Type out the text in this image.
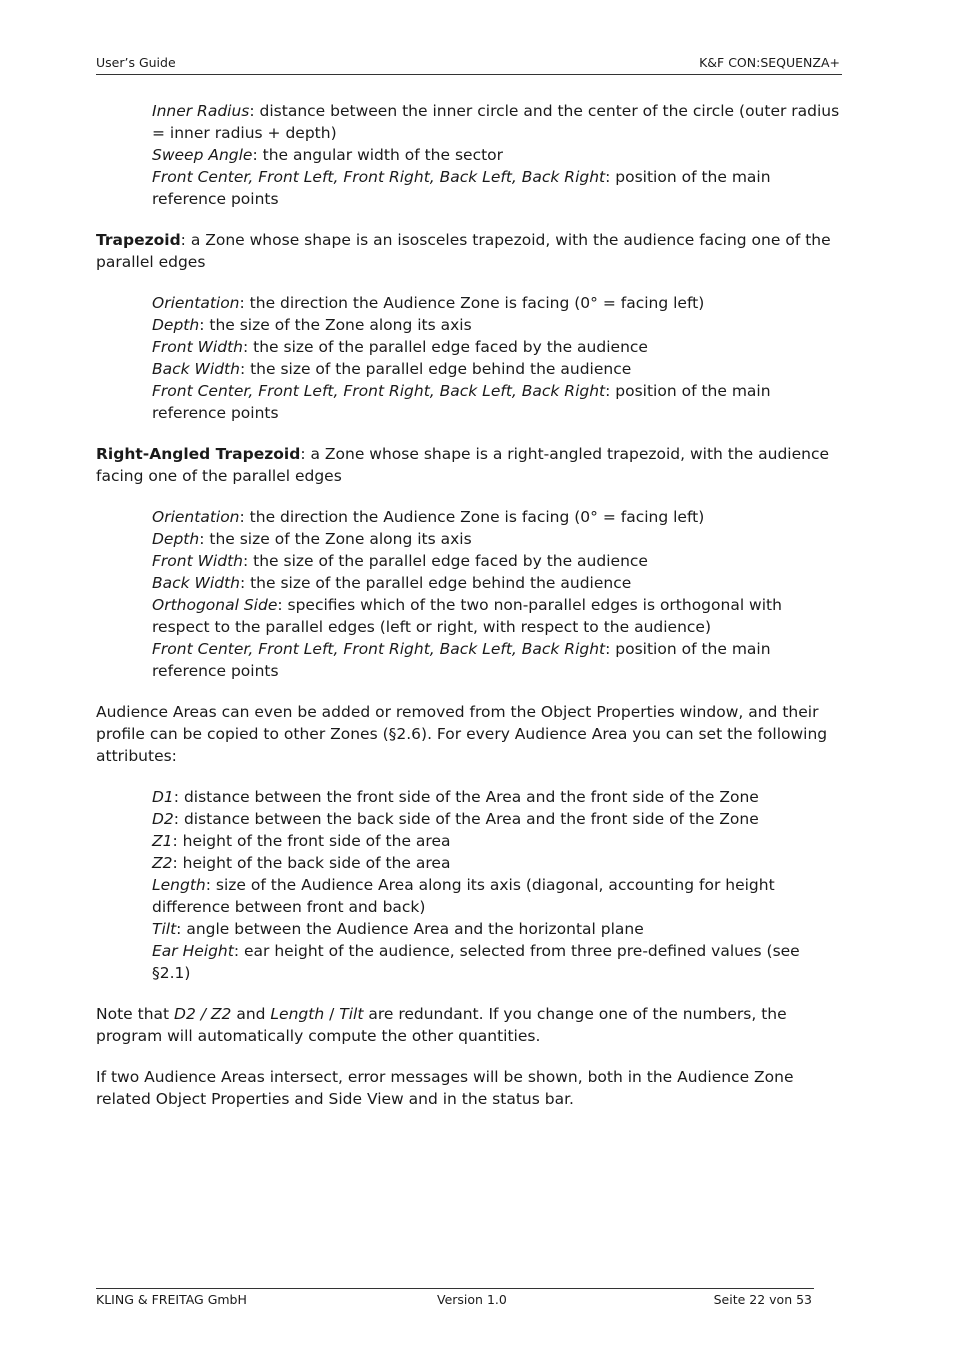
User’s Guide	K&F CON:SEQUENZA+
Inner Radius: distance between the inner circle and the center of the circle (outer radius = inner radius + depth)
Sweep Angle: the angular width of the sector
Front Center, Front Left, Front Right, Back Left, Back Right: position of the main reference points

Trapezoid: a Zone whose shape is an isosceles trapezoid, with the audience facing one of the parallel edges

Orientation: the direction the Audience Zone is facing (0° = facing left)
Depth: the size of the Zone along its axis
Front Width: the size of the parallel edge faced by the audience
Back Width: the size of the parallel edge behind the audience
Front Center, Front Left, Front Right, Back Left, Back Right: position of the main reference points

Right-Angled Trapezoid: a Zone whose shape is a right-angled trapezoid, with the audience facing one of the parallel edges

Orientation: the direction the Audience Zone is facing (0° = facing left)
Depth: the size of the Zone along its axis
Front Width: the size of the parallel edge faced by the audience
Back Width: the size of the parallel edge behind the audience
Orthogonal Side: specifies which of the two non-parallel edges is orthogonal with respect to the parallel edges (left or right, with respect to the audience)
Front Center, Front Left, Front Right, Back Left, Back Right: position of the main reference points

Audience Areas can even be added or removed from the Object Properties window, and their profile can be copied to other Zones (§2.6). For every Audience Area you can set the following attributes:

D1: distance between the front side of the Area and the front side of the Zone
D2: distance between the back side of the Area and the front side of the Zone
Z1: height of the front side of the area
Z2: height of the back side of the area
Length: size of the Audience Area along its axis (diagonal, accounting for height difference between front and back)
Tilt: angle between the Audience Area and the horizontal plane
Ear Height: ear height of the audience, selected from three pre-defined values (see §2.1)

Note that D2 / Z2 and Length / Tilt are redundant. If you change one of the numbers, the program will automatically compute the other quantities.

If two Audience Areas intersect, error messages will be shown, both in the Audience Zone related Object Properties and Side View and in the status bar.

KLING & FREITAG GmbH	Version 1.0	Seite 22 von 53
